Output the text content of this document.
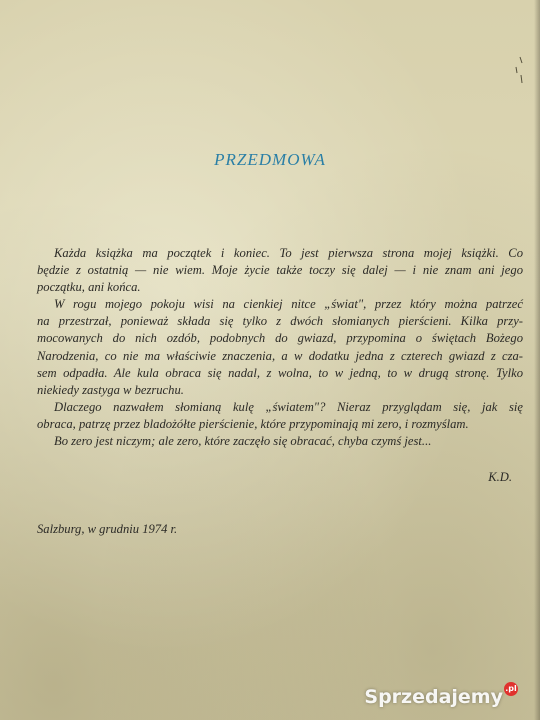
PRZEDMOWA

Każda książka ma początek i koniec. To jest pierwsza strona mojej książki. Co
będzie z ostatnią — nie wiem. Moje życie także toczy się dalej — i nie znam ani jego
początku, ani końca.

W rogu mojego pokoju wisi na cienkiej nitce „świat", przez który można patrzeć
na przestrzał, ponieważ składa się tylko z dwóch słomianych pierścieni. Kilka przy-
mocowanych do nich ozdób, podobnych do gwiazd, przypomina o świętach Bożego
Narodzenia, co nie ma właściwie znaczenia, a w dodatku jedna z czterech gwiazd z cza-
sem odpadła. Ale kula obraca się nadal, z wolna, to w jedną, to w drugą stronę. Tylko
niekiedy zastyga w bezruchu.

Dlaczego nazwałem słomianą kulę „światem"? Nieraz przyglądam się, jak się
obraca, patrzę przez bladożółte pierścienie, które przypominają mi zero, i rozmyślam.

Bo zero jest niczym; ale zero, które zaczęło się obracać, chyba czymś jest...

K.D.
Salzburg, w grudniu 1974 r.
Sprzedajemy .pl
